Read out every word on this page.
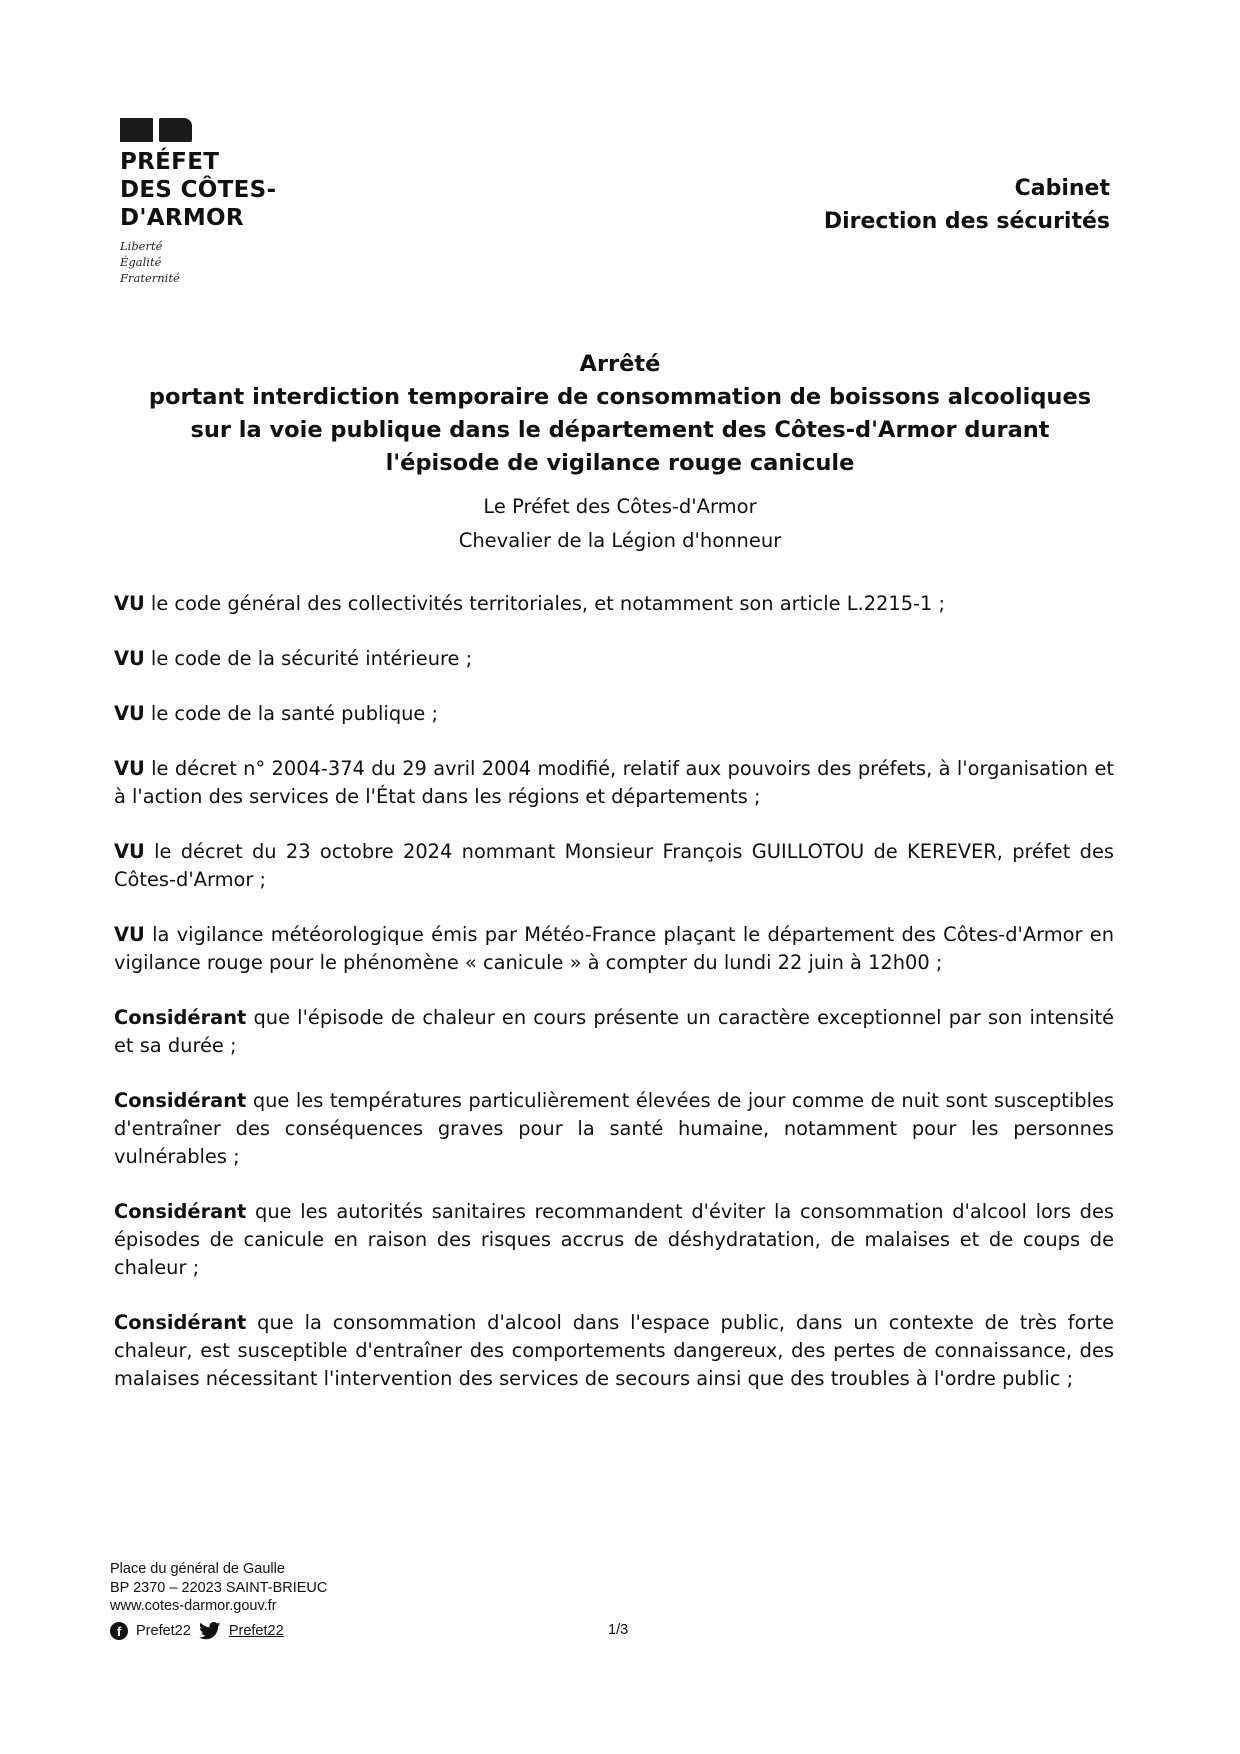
PRÉFET
DES CÔTES-
D'ARMOR
Liberté
Égalité
Fraternité
Cabinet
Direction des sécurités
Arrêté
portant interdiction temporaire de consommation de boissons alcooliques
sur la voie publique dans le département des Côtes-d'Armor durant
l'épisode de vigilance rouge canicule
Le Préfet des Côtes-d'Armor
Chevalier de la Légion d'honneur

VU le code général des collectivités territoriales, et notamment son article L.2215-1 ;

VU le code de la sécurité intérieure ;

VU le code de la santé publique ;

VU le décret n° 2004-374 du 29 avril 2004 modifié, relatif aux pouvoirs des préfets, à l'organisation et à l'action des services de l'État dans les régions et départements ;

VU le décret du 23 octobre 2024 nommant Monsieur François GUILLOTOU de KEREVER, préfet des Côtes-d'Armor ;

VU la vigilance météorologique émis par Météo-France plaçant le département des Côtes-d'Armor en vigilance rouge pour le phénomène « canicule » à compter du lundi 22 juin à 12h00 ;

Considérant que l'épisode de chaleur en cours présente un caractère exceptionnel par son intensité et sa durée ;

Considérant que les températures particulièrement élevées de jour comme de nuit sont susceptibles d'entraîner des conséquences graves pour la santé humaine, notamment pour les personnes vulnérables ;

Considérant que les autorités sanitaires recommandent d'éviter la consommation d'alcool lors des épisodes de canicule en raison des risques accrus de déshydratation, de malaises et de coups de chaleur ;

Considérant que la consommation d'alcool dans l'espace public, dans un contexte de très forte chaleur, est susceptible d'entraîner des comportements dangereux, des pertes de connaissance, des malaises nécessitant l'intervention des services de secours ainsi que des troubles à l'ordre public ;

Place du général de Gaulle
BP 2370 – 22023 SAINT-BRIEUC
www.cotes-darmor.gouv.fr
f	Prefet22	Prefet22	1/3
